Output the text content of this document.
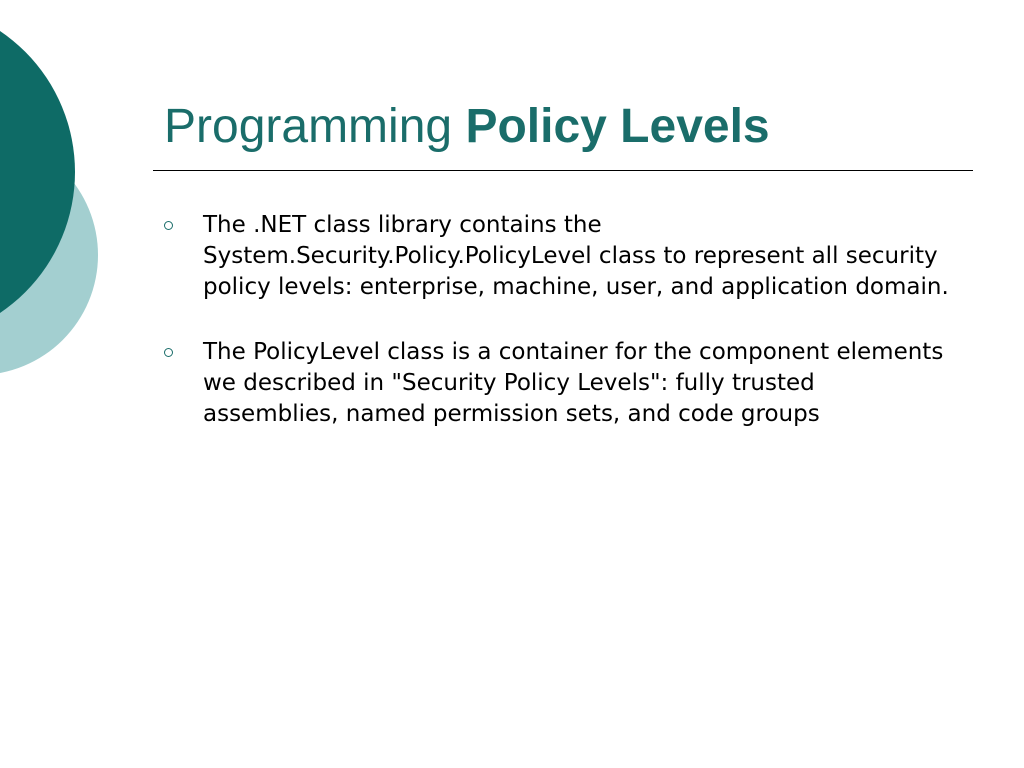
Programming Policy Levels
The .NET class library contains the System.Security.Policy.PolicyLevel class to represent all security policy levels: enterprise, machine, user, and application domain.
The PolicyLevel class is a container for the component elements we described in "Security Policy Levels": fully trusted assemblies, named permission sets, and code groups
